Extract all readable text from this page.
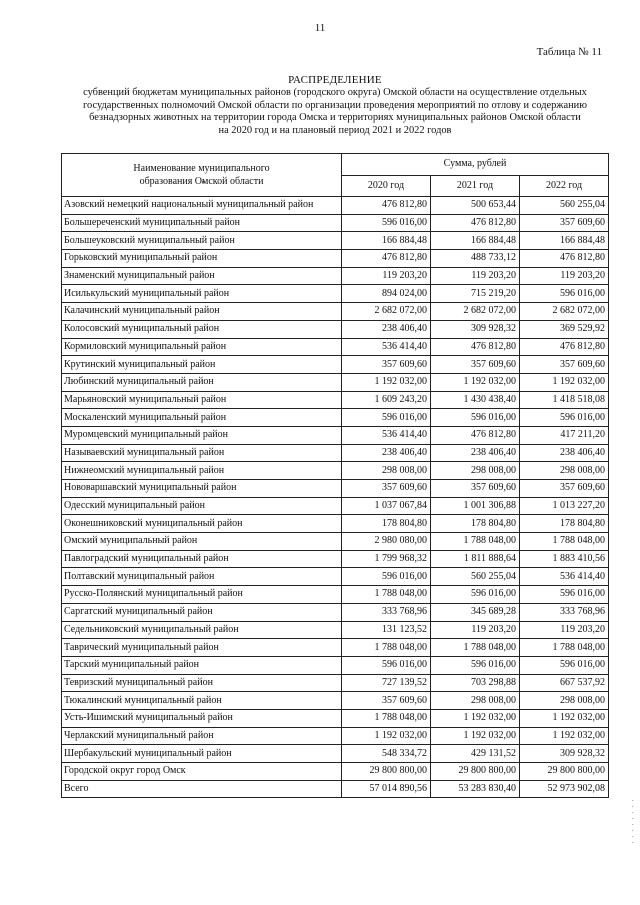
11
Таблица № 11
РАСПРЕДЕЛЕНИЕ
субвенций бюджетам муниципальных районов (городского округа) Омской области на осуществление отдельных
государственных полномочий Омской области по организации проведения мероприятий по отлову и содержанию
безнадзорных животных на территории города Омска и территориях муниципальных районов Омской области
на 2020 год и на плановый период 2021 и 2022 годов
Наименование муниципального
образования Омской области	Сумма, рублей		
	2020 год	2021 год	2022 год
Азовский немецкий национальный муниципальный район	476 812,80	500 653,44	560 255,04
Большереченский муниципальный район	596 016,00	476 812,80	357 609,60
Большеуковский муниципальный район	166 884,48	166 884,48	166 884,48
Горьковский муниципальный район	476 812,80	488 733,12	476 812,80
Знаменский муниципальный район	119 203,20	119 203,20	119 203,20
Исилькульский муниципальный район	894 024,00	715 219,20	596 016,00
Калачинский муниципальный район	2 682 072,00	2 682 072,00	2 682 072,00
Колосовский муниципальный район	238 406,40	309 928,32	369 529,92
Кормиловский муниципальный район	536 414,40	476 812,80	476 812,80
Крутинский муниципальный район	357 609,60	357 609,60	357 609,60
Любинский муниципальный район	1 192 032,00	1 192 032,00	1 192 032,00
Марьяновский муниципальный район	1 609 243,20	1 430 438,40	1 418 518,08
Москаленский муниципальный район	596 016,00	596 016,00	596 016,00
Муромцевский муниципальный район	536 414,40	476 812,80	417 211,20
Называевский муниципальный район	238 406,40	238 406,40	238 406,40
Нижнеомский муниципальный район	298 008,00	298 008,00	298 008,00
Нововаршавский муниципальный район	357 609,60	357 609,60	357 609,60
Одесский муниципальный район	1 037 067,84	1 001 306,88	1 013 227,20
Оконешниковский муниципальный район	178 804,80	178 804,80	178 804,80
Омский муниципальный район	2 980 080,00	1 788 048,00	1 788 048,00
Павлоградский муниципальный район	1 799 968,32	1 811 888,64	1 883 410,56
Полтавский муниципальный район	596 016,00	560 255,04	536 414,40
Русско-Полянский муниципальный район	1 788 048,00	596 016,00	596 016,00
Саргатский муниципальный район	333 768,96	345 689,28	333 768,96
Седельниковский муниципальный район	131 123,52	119 203,20	119 203,20
Таврический муниципальный район	1 788 048,00	1 788 048,00	1 788 048,00
Тарский муниципальный район	596 016,00	596 016,00	596 016,00
Тевризский муниципальный район	727 139,52	703 298,88	667 537,92
Тюкалинский муниципальный район	357 609,60	298 008,00	298 008,00
Усть-Ишимский муниципальный район	1 788 048,00	1 192 032,00	1 192 032,00
Черлакский муниципальный район	1 192 032,00	1 192 032,00	1 192 032,00
Шербакульский муниципальный район	548 334,72	429 131,52	309 928,32
Городской округ город Омск	29 800 800,00	29 800 800,00	29 800 800,00
Всего	57 014 890,56	53 283 830,40	52 973 902,08
·
·
·
·
·
·
·
·
